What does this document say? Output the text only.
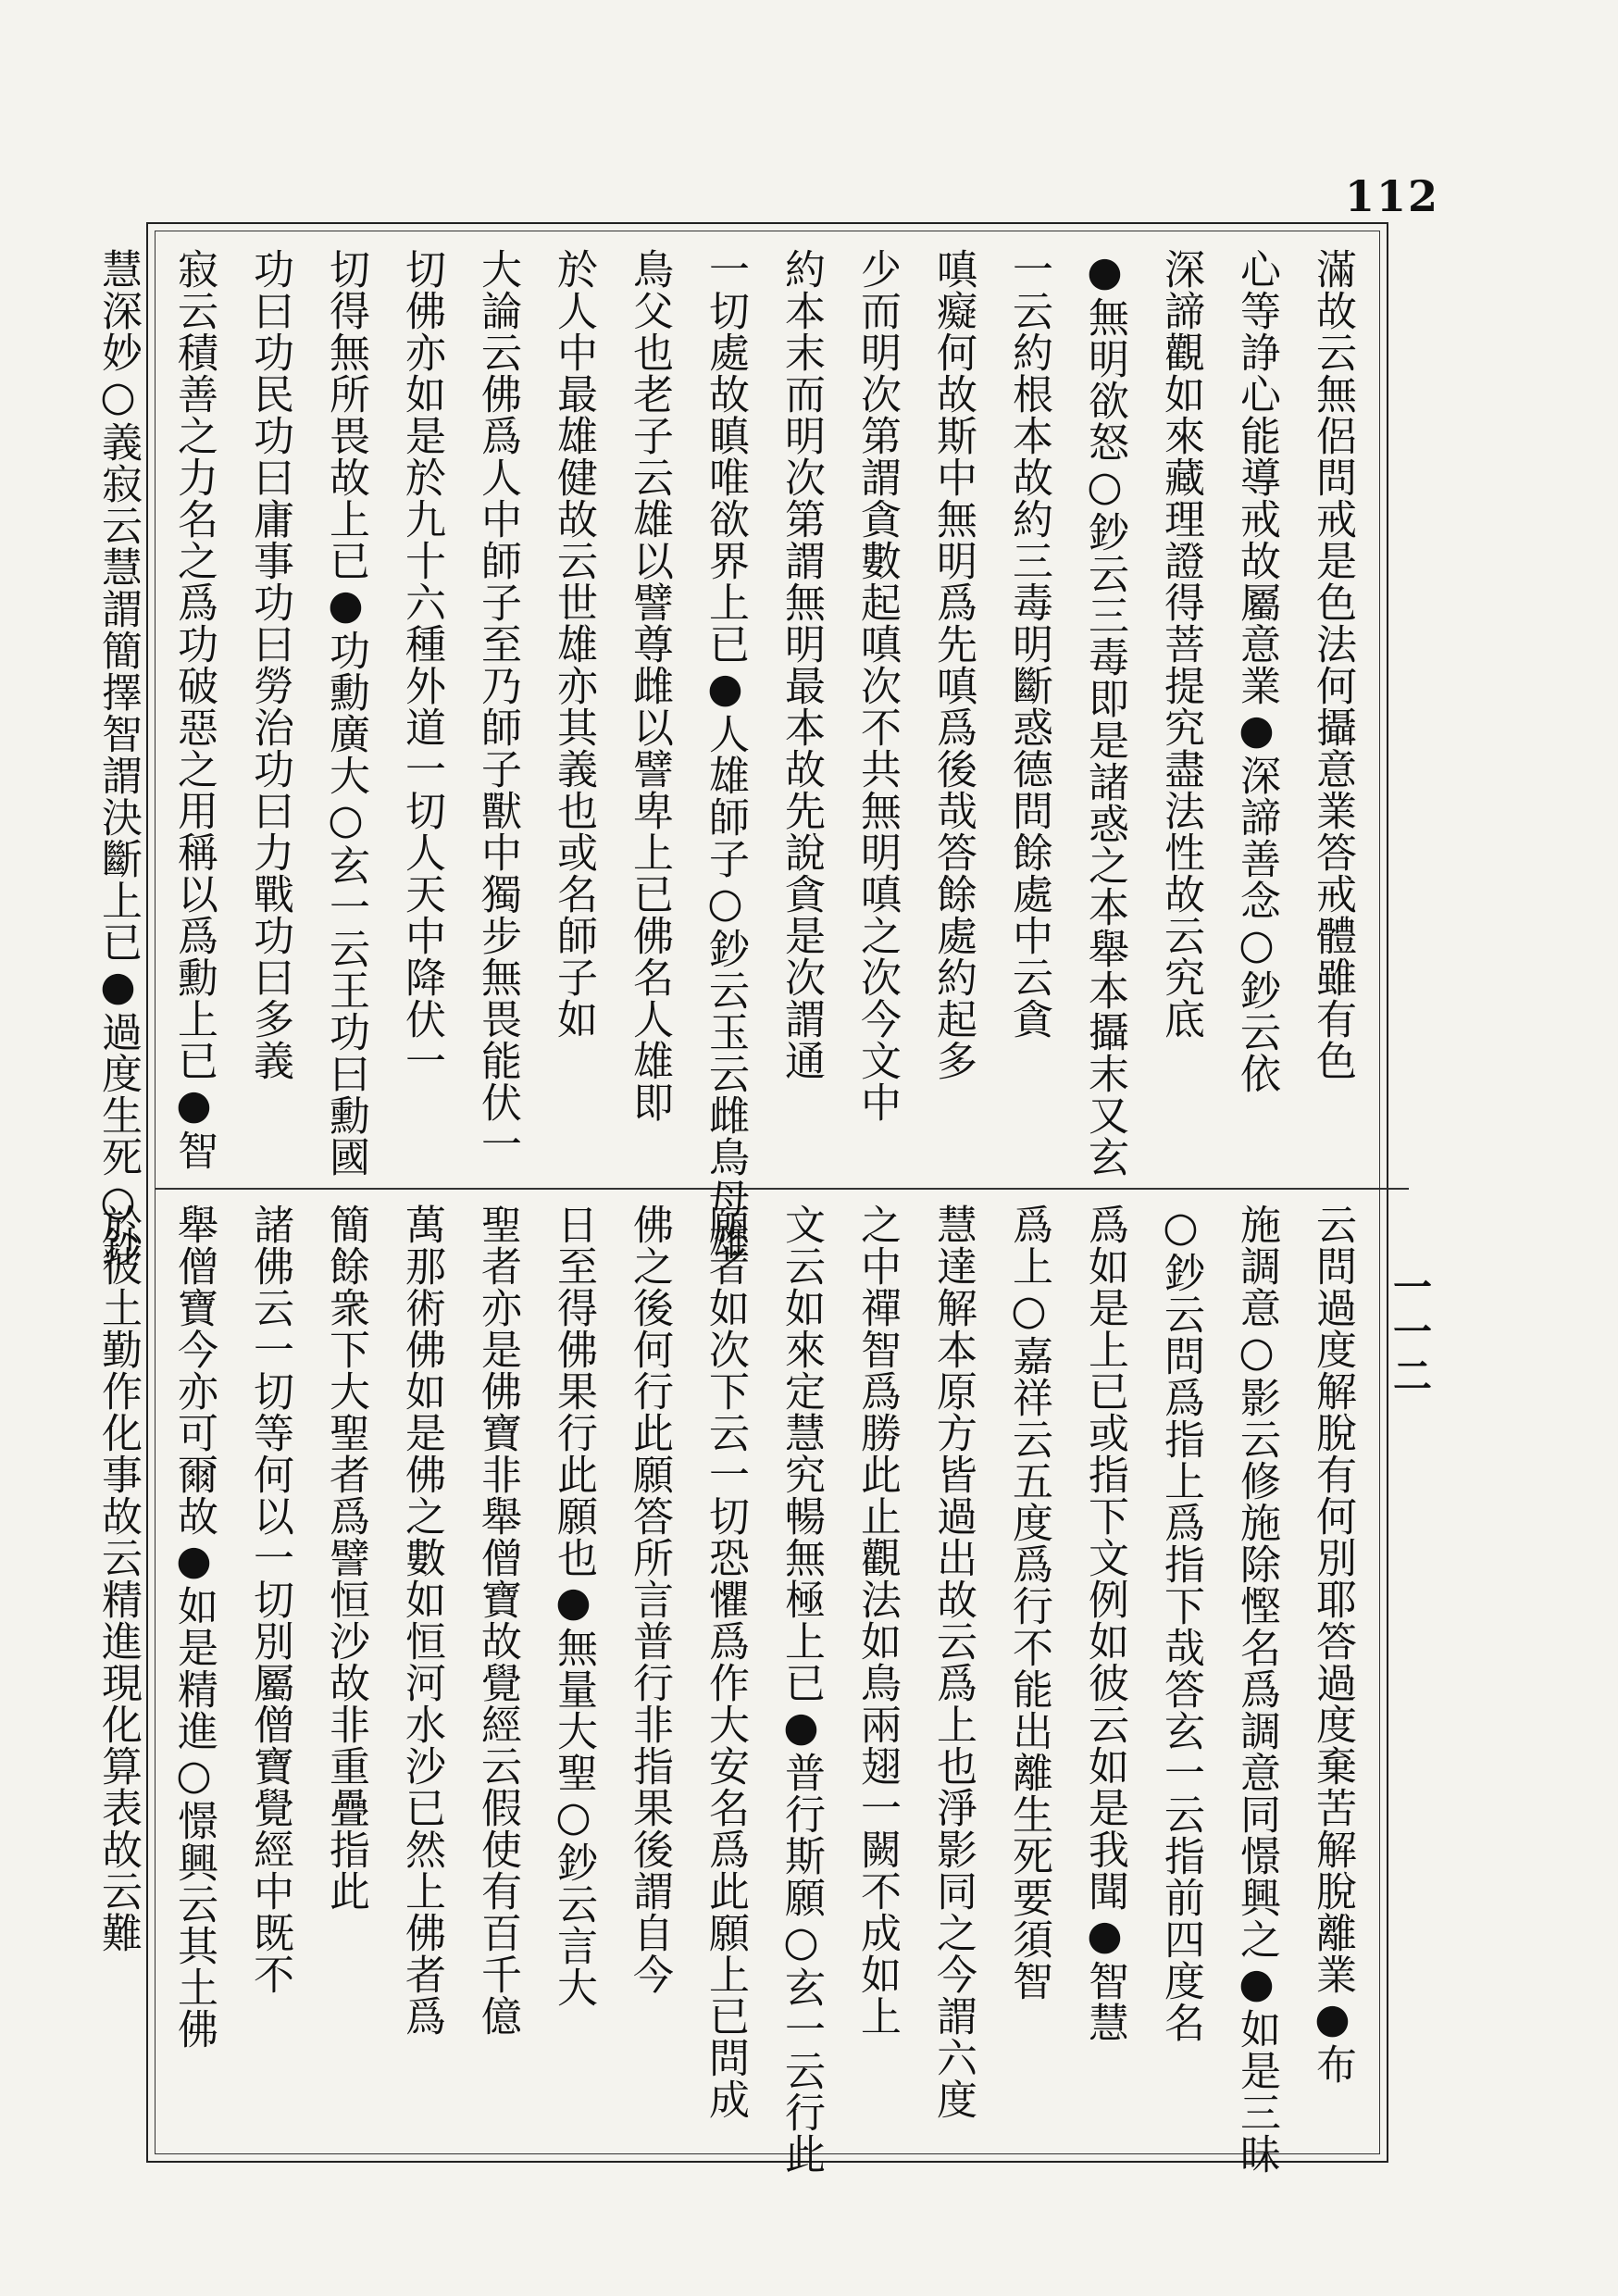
112
一一二
滿故云無侶問戒是色法何攝意業答戒體雖有色
心等諍心能導戒故屬意業●深諦善念○鈔云依
深諦觀如來藏理證得菩提究盡法性故云究底
●無明欲怒○鈔云三毒即是諸惑之本舉本攝末又玄
一云約根本故約三毒明斷惑德問餘處中云貪
嗔癡何故斯中無明爲先嗔爲後哉答餘處約起多
少而明次第謂貪數起嗔次不共無明嗔之次今文中
約本末而明次第謂無明最本故先說貪是次謂通
一切處故瞋唯欲界上已●人雄師子○鈔云玉云雌鳥母雄
鳥父也老子云雄以譬尊雌以譬卑上已佛名人雄即
於人中最雄健故云世雄亦其義也或名師子如
大論云佛爲人中師子至乃師子獸中獨步無畏能伏一
切佛亦如是於九十六種外道一切人天中降伏一
切得無所畏故上已●功勳廣大○玄一云王功曰勳國
功曰功民功曰庸事功曰勞治功曰力戰功曰多義
寂云積善之力名之爲功破惡之用稱以爲勳上已●智
慧深妙○義寂云慧謂簡擇智謂決斷上已●過度生死○鈔
云問過度解脫有何別耶答過度棄苦解脫離業●布
施調意○影云修施除慳名爲調意同憬興之●如是三昧
○鈔云問爲指上爲指下哉答玄一云指前四度名
爲如是上已或指下文例如彼云如是我聞●智慧
爲上○嘉祥云五度爲行不能出離生死要須智
慧達解本原方皆過出故云爲上也淨影同之今謂六度
之中禪智爲勝此止觀法如鳥兩翅一闕不成如上
文云如來定慧究暢無極上已●普行斯願○玄一云行此
願者如次下云一切恐懼爲作大安名爲此願上已問成
佛之後何行此願答所言普行非指果後謂自今
日至得佛果行此願也●無量大聖○鈔云言大
聖者亦是佛寶非舉僧寶故覺經云假使有百千億
萬那術佛如是佛之數如恒河水沙已然上佛者爲
簡餘衆下大聖者爲譬恒沙故非重疊指此
諸佛云一切等何以一切別屬僧寶覺經中既不
舉僧寶今亦可爾故●如是精進○憬興云其土佛
於彼土勤作化事故云精進現化算表故云難
